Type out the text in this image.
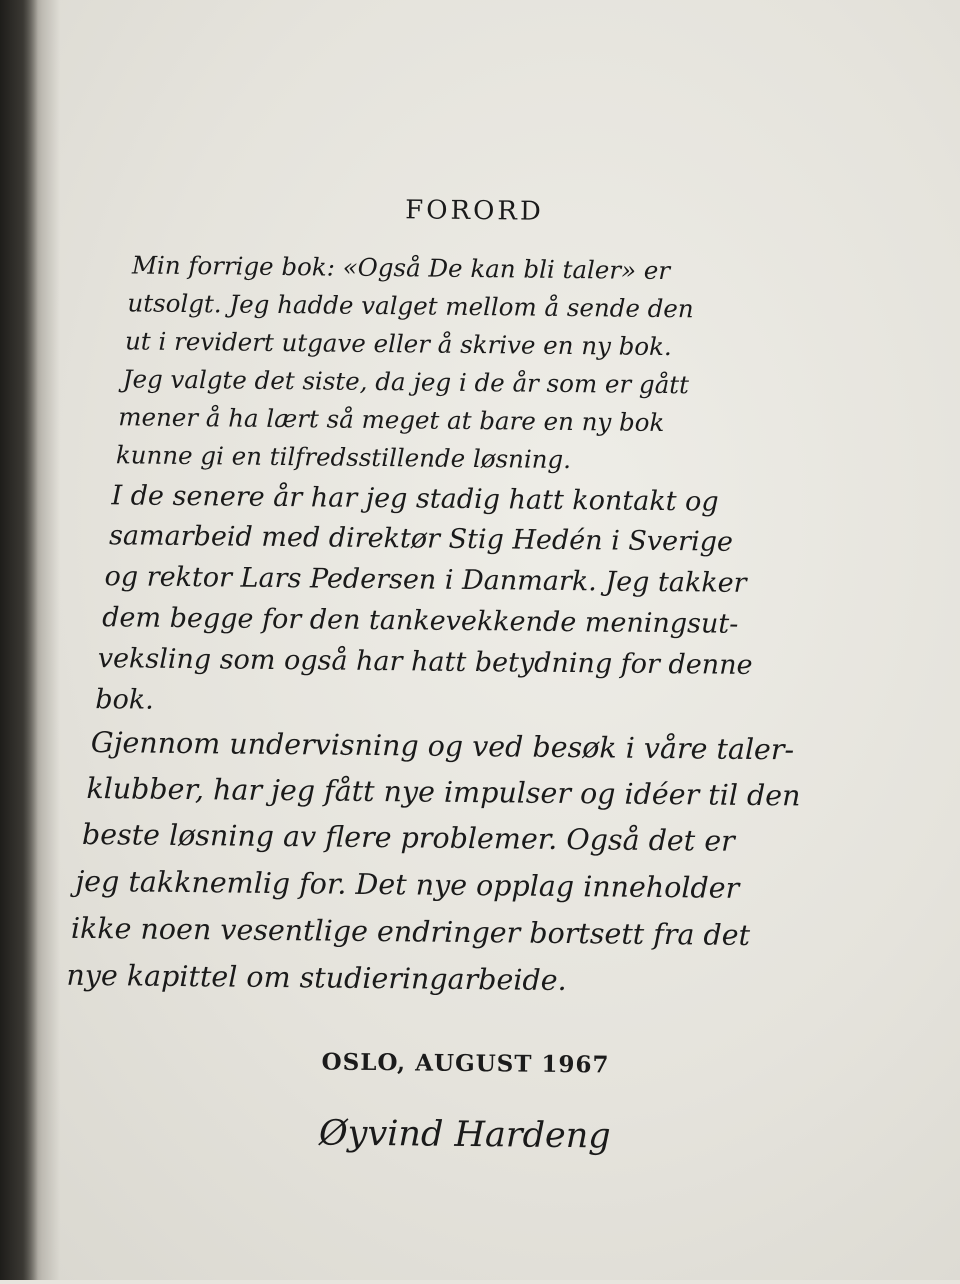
FORORD
Min forrige bok: «Også De kan bli taler» er
utsolgt. Jeg hadde valget mellom å sende den
ut i revidert utgave eller å skrive en ny bok.
Jeg valgte det siste, da jeg i de år som er gått
mener å ha lært så meget at bare en ny bok
kunne gi en tilfredsstillende løsning.
I de senere år har jeg stadig hatt kontakt og
samarbeid med direktør Stig Hedén i Sverige
og rektor Lars Pedersen i Danmark. Jeg takker
dem begge for den tankevekkende meningsut-
veksling som også har hatt betydning for denne
bok.
Gjennom undervisning og ved besøk i våre taler-
klubber, har jeg fått nye impulser og idéer til den
beste løsning av flere problemer. Også det er
jeg takknemlig for. Det nye opplag inneholder
ikke noen vesentlige endringer bortsett fra det
nye kapittel om studieringarbeide.
OSLO, AUGUST 1967
Øyvind Hardeng
